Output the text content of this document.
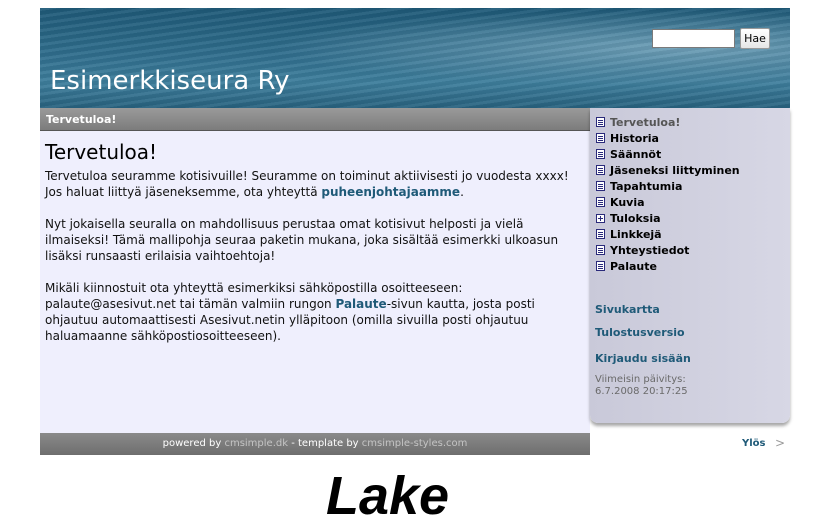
Esimerkkiseura Ry
Hae
Tervetuloa!
Tervetuloa!

Tervetuloa seuramme kotisivuille! Seuramme on toiminut aktiivisesti jo vuodesta xxxx! Jos haluat liittyä jäseneksemme, ota yhteyttä puheenjohtajaamme.

Nyt jokaisella seuralla on mahdollisuus perustaa omat kotisivut helposti ja vielä ilmaiseksi! Tämä mallipohja seuraa paketin mukana, joka sisältää esimerkki ulkoasun lisäksi runsaasti erilaisia vaihtoehtoja!

Mikäli kiinnostuit ota yhteyttä esimerkiksi sähköpostilla osoitteeseen: palaute@asesivut.net tai tämän valmiin rungon Palaute-sivun kautta, josta posti ohjautuu automaattisesti Asesivut.netin ylläpitoon (omilla sivuilla posti ohjautuu haluamaanne sähköpostiosoitteeseen).

powered by cmsimple.dk - template by cmsimple-styles.com
Tervetuloa!
Historia
Säännöt
Jäseneksi liittyminen
Tapahtumia
Kuvia
Tuloksia
Linkkejä
Yhteystiedot
Palaute
Sivukartta
Tulostusversio
Kirjaudu sisään
Viimeisin päivitys:
6.7.2008 20:17:25
Ylös >
Lake
